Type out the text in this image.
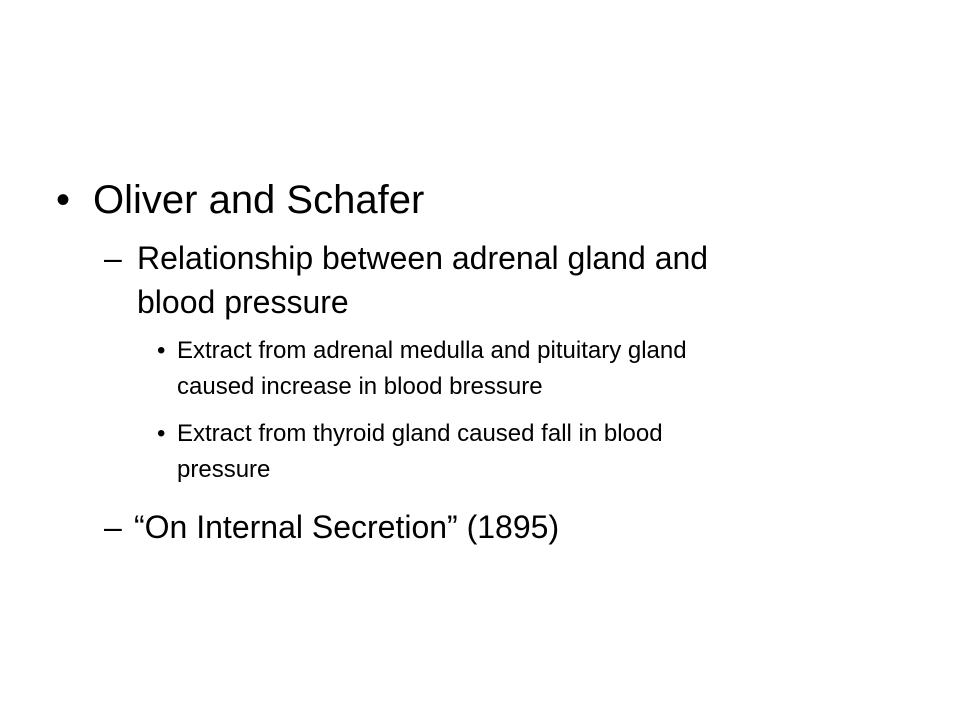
• Oliver and Schafer
– Relationship between adrenal gland and
blood pressure
• Extract from adrenal medulla and pituitary gland
caused increase in blood bressure
• Extract from thyroid gland caused fall in blood
pressure
– “On Internal Secretion” (1895)
